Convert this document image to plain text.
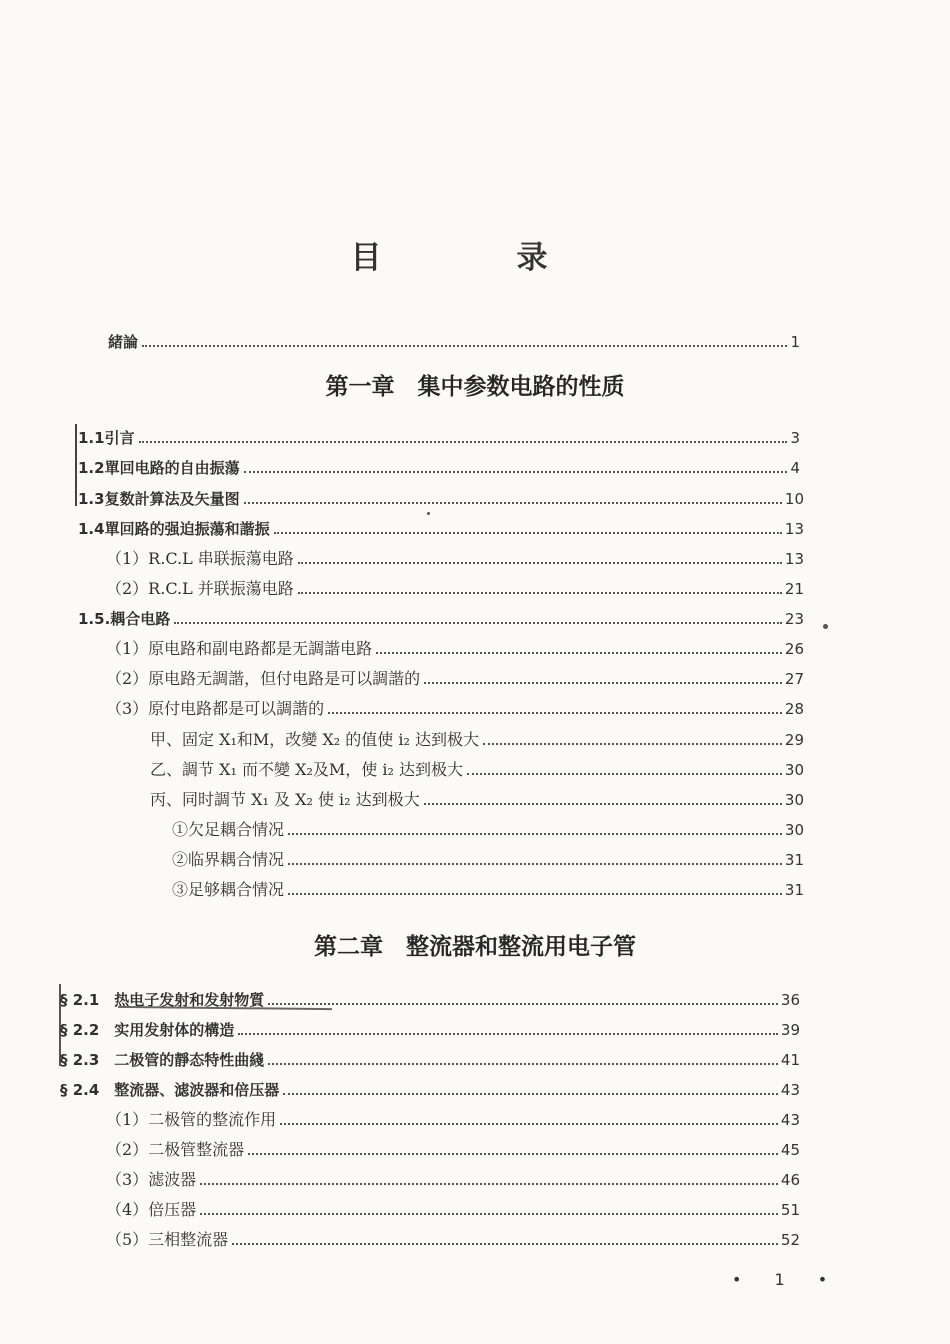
目　录
緒論	1
第一章　集中参数电路的性质
1.1引言	3
1.2單回电路的自由振蕩	4
1.3复数計算法及矢量图	10
1.4單回路的强迫振蕩和諧振	13
（1）R.C.L 串联振蕩电路	13
（2）R.C.L 并联振蕩电路	21
1.5.耦合电路	23
（1）原电路和副电路都是无調諧电路	26
（2）原电路无調諧，但付电路是可以調諧的	27
（3）原付电路都是可以調諧的	28
甲、固定 X₁和M，改變 X₂ 的值使 i₂ 达到极大	29
乙、調节 X₁ 而不變 X₂及M，使 i₂ 达到极大	30
丙、同时調节 X₁ 及 X₂ 使 i₂ 达到极大	30
①欠足耦合情况	30
②临界耦合情况	31
③足够耦合情况	31
第二章　整流器和整流用电子管
§ 2.1　热电子发射和发射物質	36
§ 2.2　实用发射体的構造	39
§ 2.3　二极管的靜态特性曲綫	41
§ 2.4　整流器、滤波器和倍压器	43
（1）二极管的整流作用	43
（2）二极管整流器	45
（3）滤波器	46
（4）倍压器	51
（5）三相整流器	52
• 1 •
